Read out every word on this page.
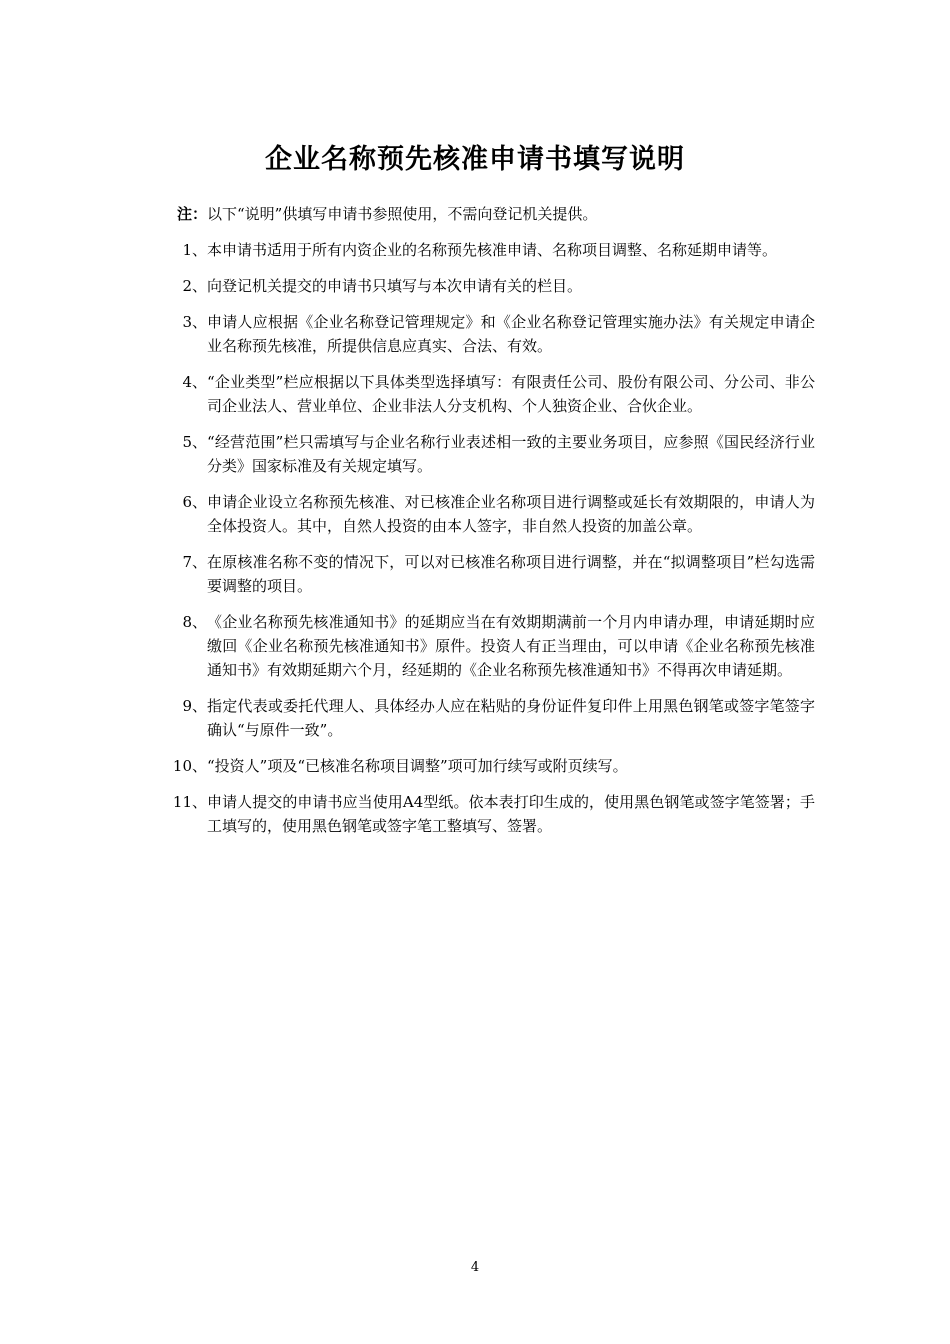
企业名称预先核准申请书填写说明
注：以下“说明”供填写申请书参照使用，不需向登记机关提供。
1、 本申请书适用于所有内资企业的名称预先核准申请、名称项目调整、名称延期申请等。
2、 向登记机关提交的申请书只填写与本次申请有关的栏目。
3、 申请人应根据《企业名称登记管理规定》和《企业名称登记管理实施办法》有关规定申请企业名称预先核准，所提供信息应真实、合法、有效。
4、 “企业类型”栏应根据以下具体类型选择填写：有限责任公司、股份有限公司、分公司、非公司企业法人、营业单位、企业非法人分支机构、个人独资企业、合伙企业。
5、 “经营范围”栏只需填写与企业名称行业表述相一致的主要业务项目，应参照《国民经济行业分类》国家标准及有关规定填写。
6、 申请企业设立名称预先核准、对已核准企业名称项目进行调整或延长有效期限的，申请人为全体投资人。其中，自然人投资的由本人签字，非自然人投资的加盖公章。
7、 在原核准名称不变的情况下，可以对已核准名称项目进行调整，并在“拟调整项目”栏勾选需要调整的项目。
8、 《企业名称预先核准通知书》的延期应当在有效期期满前一个月内申请办理，申请延期时应缴回《企业名称预先核准通知书》原件。投资人有正当理由，可以申请《企业名称预先核准通知书》有效期延期六个月，经延期的《企业名称预先核准通知书》不得再次申请延期。
9、 指定代表或委托代理人、具体经办人应在粘贴的身份证件复印件上用黑色钢笔或签字笔签字确认“与原件一致”。
10、 “投资人”项及“已核准名称项目调整”项可加行续写或附页续写。
11、 申请人提交的申请书应当使用A4型纸。依本表打印生成的，使用黑色钢笔或签字笔签署；手工填写的，使用黑色钢笔或签字笔工整填写、签署。
4
